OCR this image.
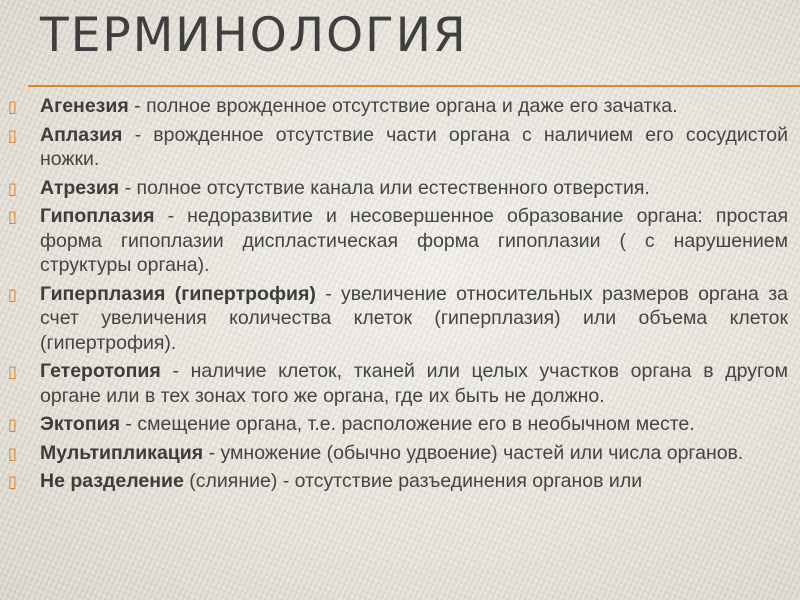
ТЕРМИНОЛОГИЯ
▯ Агенезия - полное врожденное отсутствие органа и даже его зачатка.
▯ Аплазия - врожденное отсутствие части органа с наличием его сосудистой ножки.
▯ Атрезия - полное отсутствие канала или естественного отверстия.
▯ Гипоплазия - недоразвитие и несовершенное образование органа: простая форма гипоплазии диспластическая форма гипоплазии ( с нарушением структуры органа).
▯ Гиперплазия (гипертрофия) - увеличение относительных размеров органа за счет увеличения количества клеток (гиперплазия) или объема клеток (гипертрофия).
▯ Гетеротопия - наличие клеток, тканей или целых участков органа в другом органе или в тех зонах того же органа, где их быть не должно.
▯ Эктопия - смещение органа, т.е. расположение его в необычном месте.
▯ Мультипликация - умножение (обычно удвоение) частей или числа органов.
▯ Не разделение (слияние) - отсутствие разъединения органов или
